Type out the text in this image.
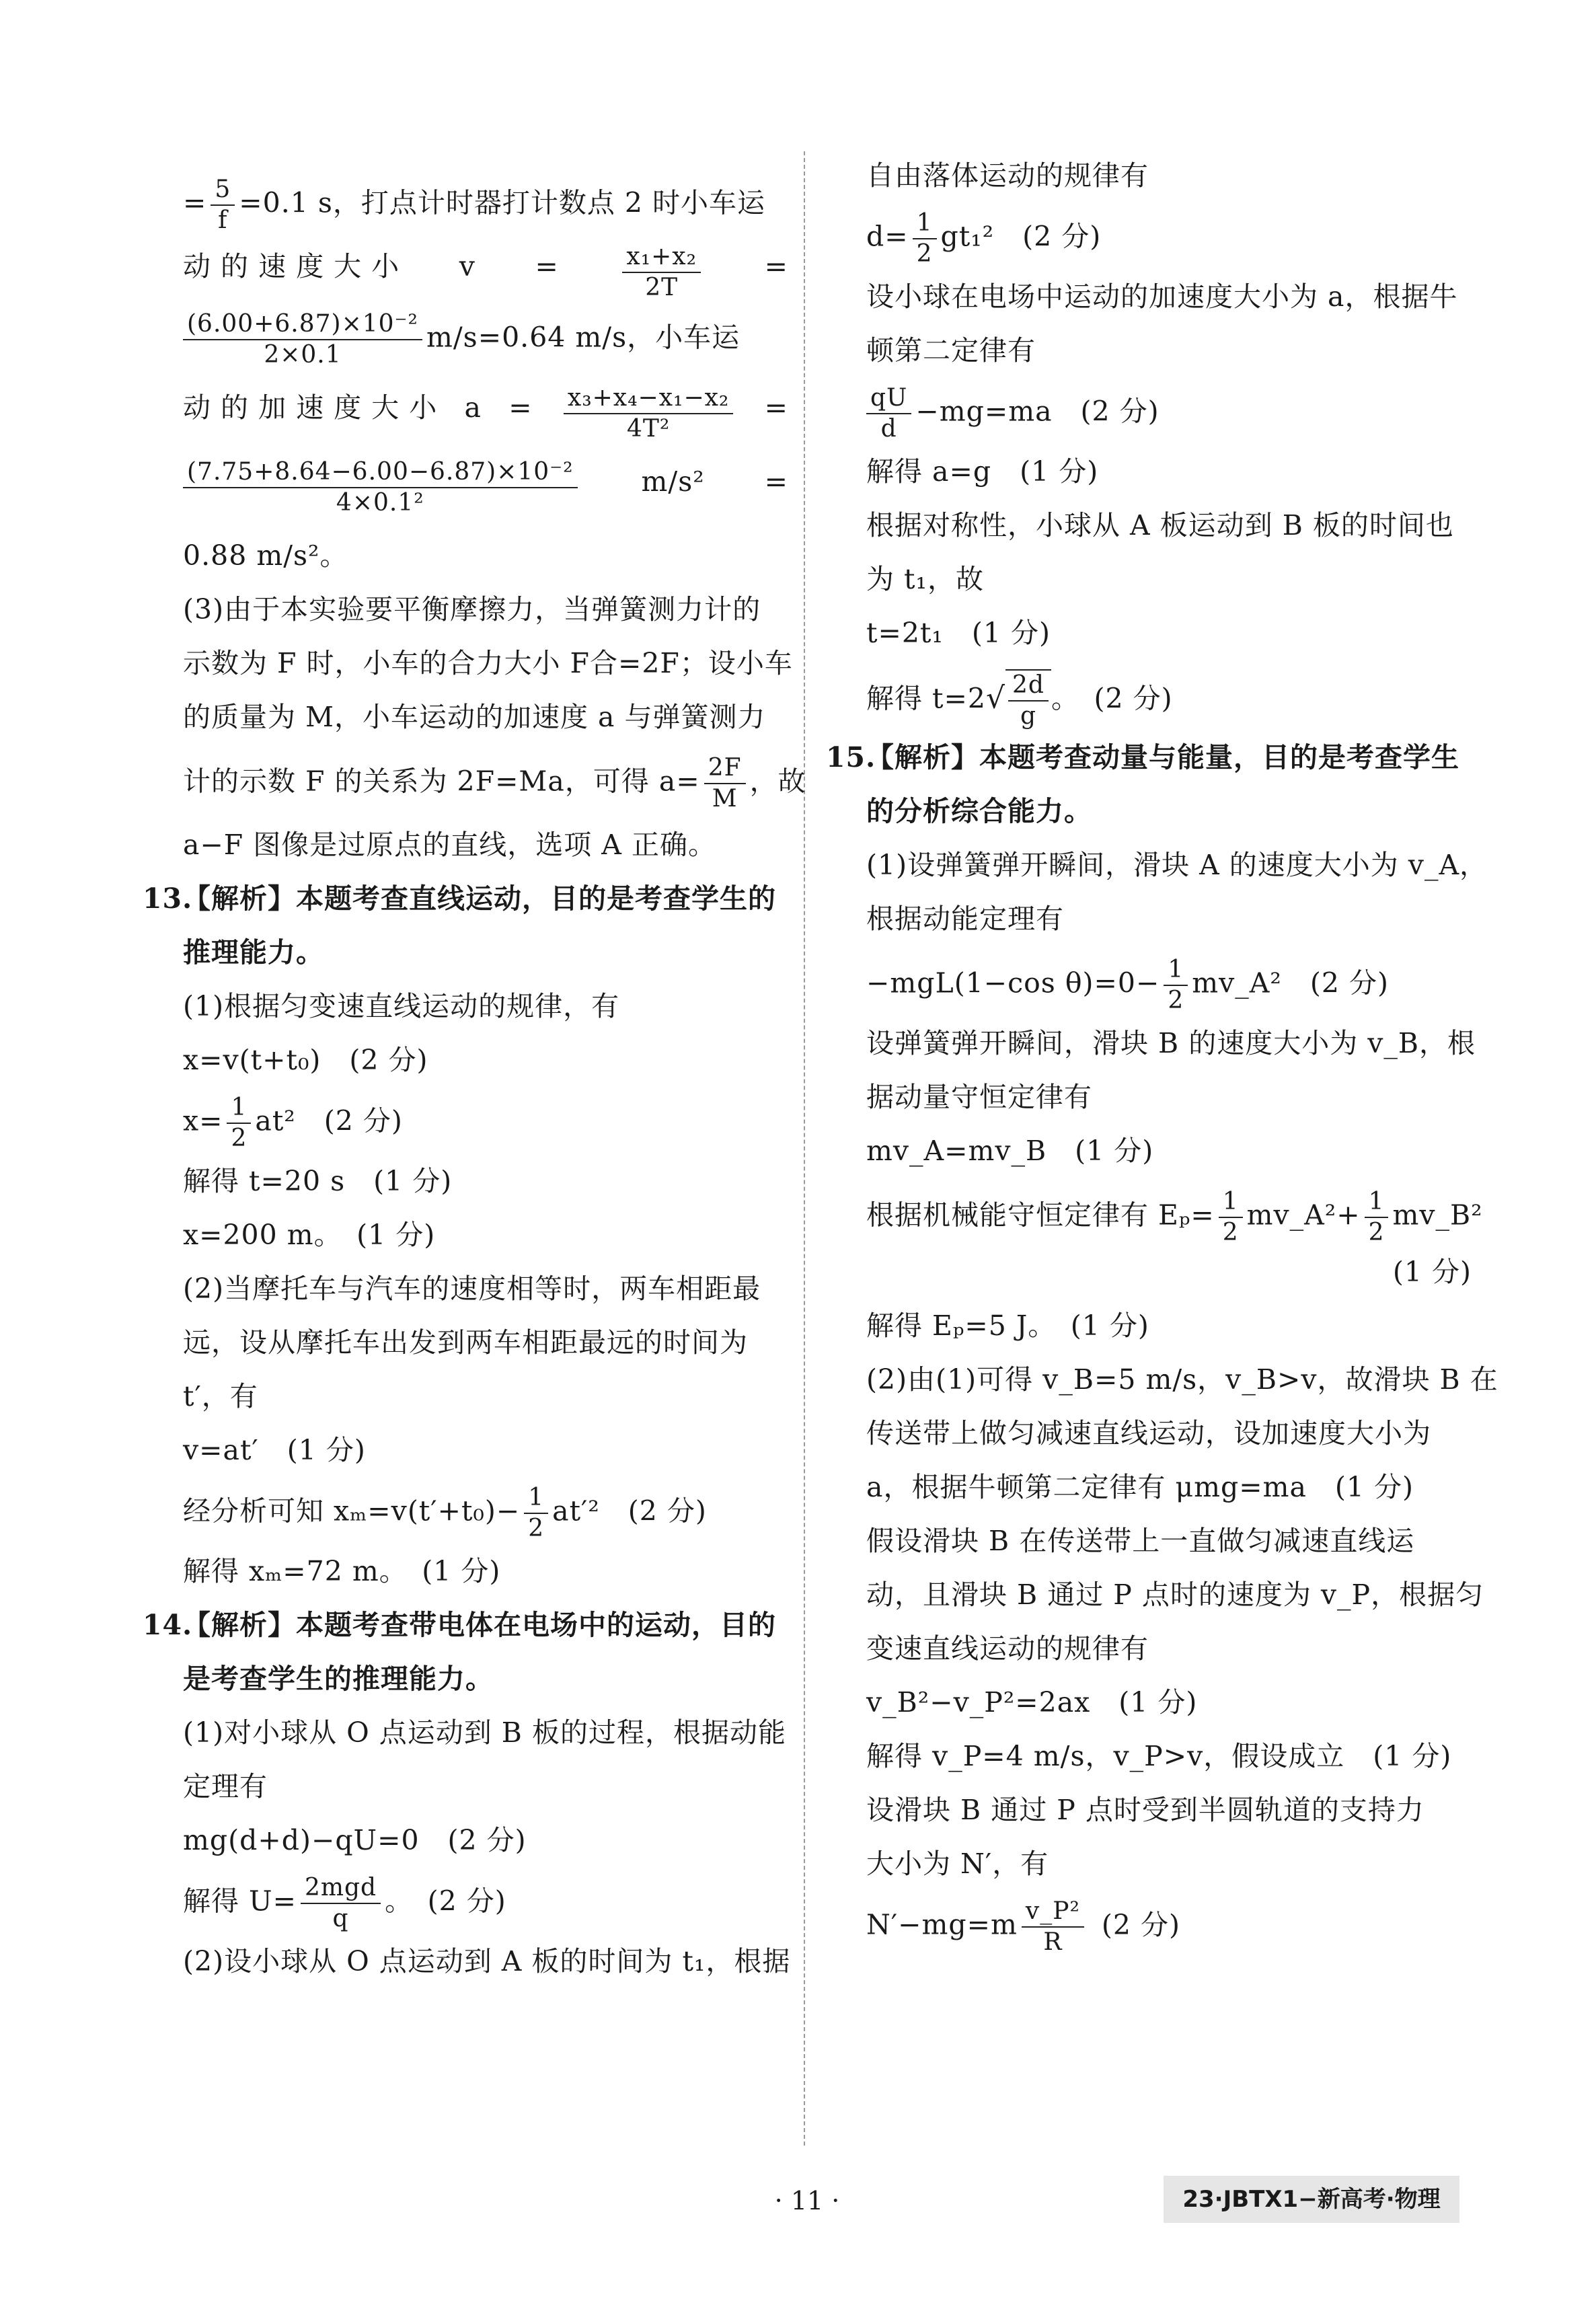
= $\frac{5}{f} =0.1$ s，打点计时器打计数点 2 时小车运
动 的 速 度 大 小 v =	$\frac{\text{x₁+x₂}}{2T}$ =
$\frac{\text{(6.00+6.87)×10⁻²}}{2\times 0.1} m/s=0.64$ m/s，小车运
动 的 加 速 度 大 小 $a = \frac{\text{x₃+x₄−x₁−x₂}}{\text{4T²}}$ =
$\frac{\text{(7.75+8.64−6.00−6.87)×10⁻²}}{\text{4×0.1²}} m/s^2$ =
0.88 m/s²。
(3)由于本实验要平衡摩擦力，当弹簧测力计的
示数为 F 时，小车的合力大小 F合=2F；设小车
的质量为 M，小车运动的加速度 a 与弹簧测力
计的示数 F 的关系为 2F=Ma，可得 $a= \frac{2F}{M}$ ，故
a−F 图像是过原点的直线，选项 A 正确。
13.
【解析】本题考查直线运动，目的是考查学生的
推理能力。
(1)根据匀变速直线运动的规律，有
x=v(t+t₀)　(2 分)
$x= \frac{1}{2} at^2$　(2 分)
解得 t=20 s　(1 分)
x=200 m。　(1 分)
(2)当摩托车与汽车的速度相等时，两车相距最
远，设从摩托车出发到两车相距最远的时间为
t′，有
v=at′　(1 分)
经分析可知 $x_m=v(t'+t_0)- \frac{1}{2} at'^2$　(2 分)
解得 xₘ=72 m。　(1 分)
14.
【解析】本题考查带电体在电场中的运动，目的
是考查学生的推理能力。
(1)对小球从 O 点运动到 B 板的过程，根据动能
定理有
mg(d+d)−qU=0　(2 分)
解得 $U= \frac{\text{2mgd}}{q}$ 。　(2 分)
(2)设小球从 O 点运动到 A 板的时间为 t₁，根据
自由落体运动的规律有
$d= \frac{1}{2} gt_1^2$　(2 分)
设小球在电场中运动的加速度大小为 a，根据牛
顿第二定律有
$\frac{qU}{d} -mg=ma$　(2 分)
解得 a=g　(1 分)
根据对称性，小球从 A 板运动到 B 板的时间也
为 t₁，故
t=2t₁　(1 分)
解得 $t=2√ \frac{2d}{g}$ 。　(2 分)
15.
【解析】本题考查动量与能量，目的是考查学生
的分析综合能力。
(1)设弹簧弹开瞬间，滑块 A 的速度大小为 v_A，
根据动能定理有
−mgL(1−cos $\theta)=0- \frac{1}{2}$ mv_A²　(2 分)
设弹簧弹开瞬间，滑块 B 的速度大小为 v_B，根
据动量守恒定律有
mv_A=mv_B　(1 分)
根据机械能守恒定律有 $E_p= \frac{1}{2}$ mv_A²+ $\frac{1}{2}$ mv_B²
(1 分)
解得 Eₚ=5 J。　(1 分)
(2)由(1)可得 v_B=5 m/s，v_B>v，故滑块 B 在
传送带上做匀减速直线运动，设加速度大小为
a，根据牛顿第二定律有 μmg=ma　(1 分)
假设滑块 B 在传送带上一直做匀减速直线运
动，且滑块 B 通过 P 点时的速度为 v_P，根据匀
变速直线运动的规律有
v_B²−v_P²=2ax　(1 分)
解得 v_P=4 m/s，v_P>v，假设成立　(1 分)
设滑块 B 通过 P 点时受到半圆轨道的支持力
大小为 N′，有
$N'-mg=m \frac{\text{v\_P²}}{R} (2$ 分)
· 11 ·	23·JBTX1−新高考·物理
